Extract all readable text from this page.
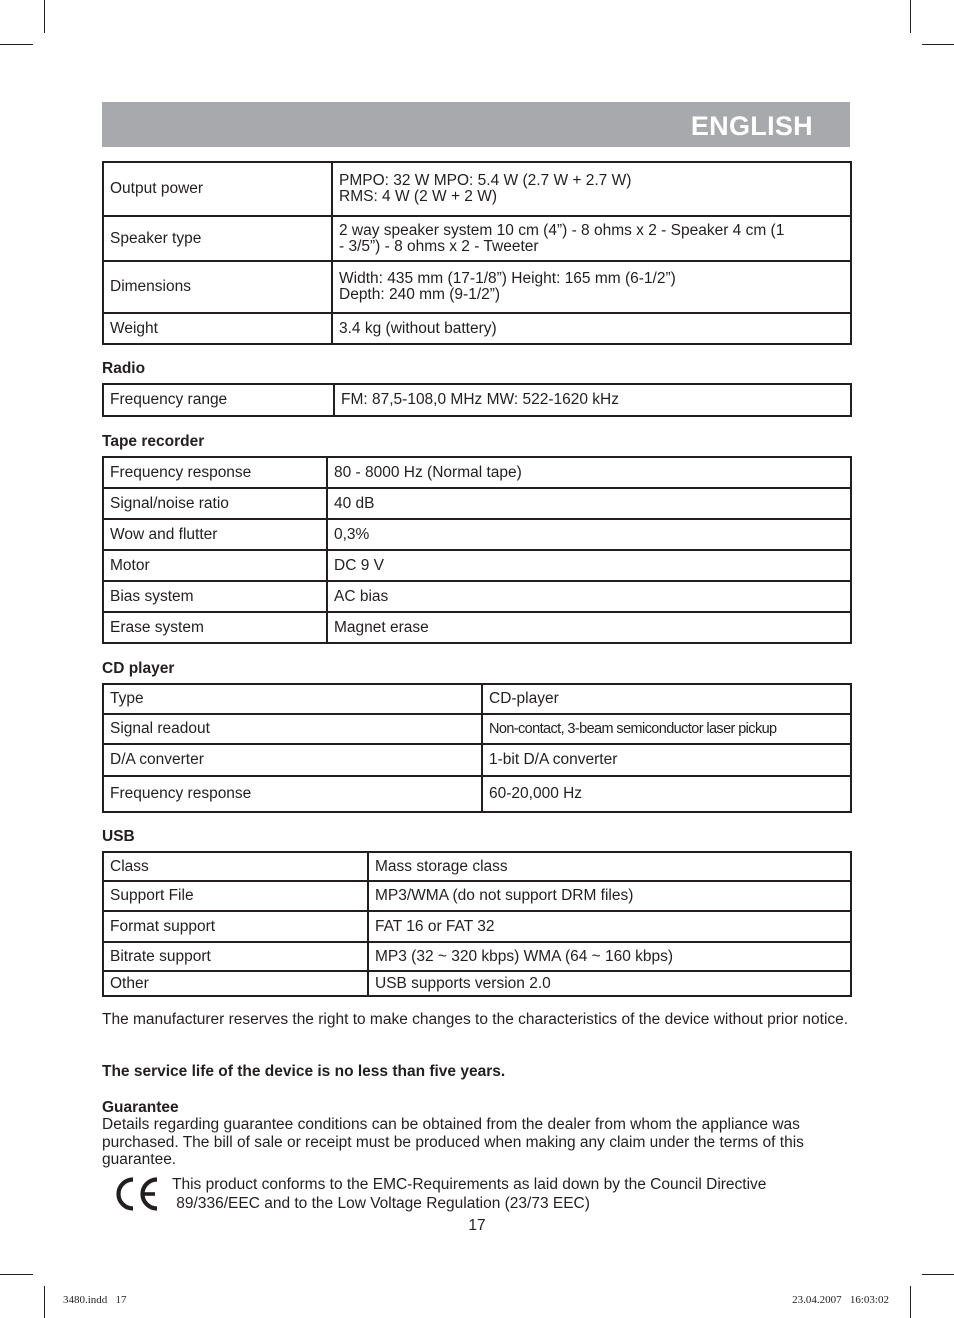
ENGLISH
Output power	PMPO: 32 W MPO: 5.4 W (2.7 W + 2.7 W)
RMS: 4 W (2 W + 2 W)
Speaker type	2 way speaker system 10 cm (4”) - 8 ohms x 2 - Speaker 4 cm (1
- 3/5”) - 8 ohms x 2 - Tweeter
Dimensions	Width: 435 mm (17-1/8”) Height: 165 mm (6-1/2”)
Depth: 240 mm (9-1/2”)
Weight	3.4 kg (without battery)
Radio
Frequency range	FM: 87,5-108,0 MHz MW: 522-1620 kHz
Tape recorder
Frequency response	80 - 8000 Hz (Normal tape)
Signal/noise ratio	40 dB
Wow and flutter	0,3%
Motor	DC 9 V
Bias system	AC bias
Erase system	Magnet erase
CD player
Type	CD-player
Signal readout	Non-contact, 3-beam semiconductor laser pickup
D/A converter	1-bit D/A converter
Frequency response	60-20,000 Hz
USB
Class	Mass storage class
Support File	MP3/WMA (do not support DRM files)
Format support	FAT 16 or FAT 32
Bitrate support	MP3 (32 ~ 320 kbps) WMA (64 ~ 160 kbps)
Other	USB supports version 2.0
The manufacturer reserves the right to make changes to the characteristics of the device without prior notice.
The service life of the device is no less than five years.
Guarantee
Details regarding guarantee conditions can be obtained from the dealer from whom the appliance was purchased. The bill of sale or receipt must be produced when making any claim under the terms of this guarantee.
This product conforms to the EMC-Requirements as laid down by the Council Directive
89/336/EEC and to the Low Voltage Regulation (23/73 EEC)
17
3480.indd   17	23.04.2007   16:03:02
